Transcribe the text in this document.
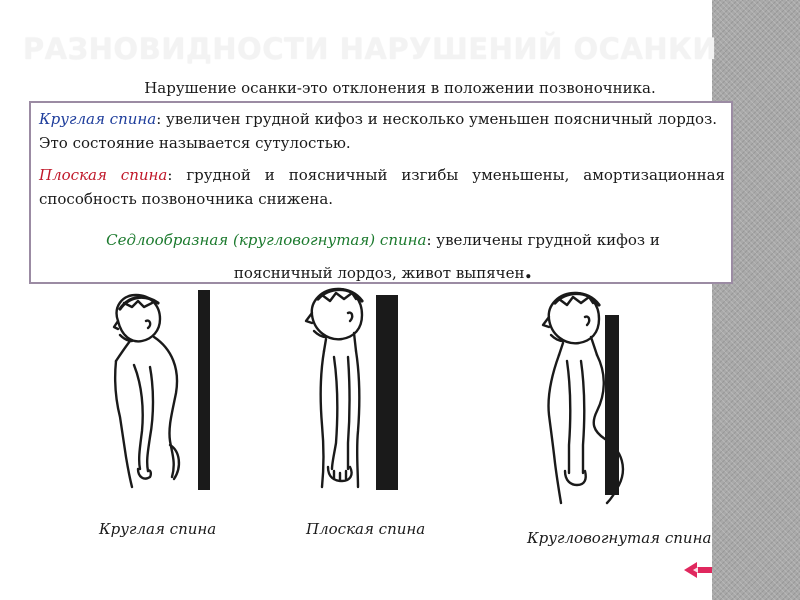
РАЗНОВИДНОСТИ НАРУШЕНИЙ ОСАНКИ
Нарушение осанки-это отклонения в положении позвоночника.

Круглая спина: увеличен грудной кифоз и несколько уменьшен поясничный лордоз. Это состояние называется сутулостью.

Плоская спина: грудной и поясничный изгибы уменьшены, амортизационная способность позвоночника снижена.

Седлообразная (кругловогнутая) спина: увеличены грудной кифоз и
поясничный лордоз, живот выпячен.

Круглая спина	Плоская спина	Кругловогнутая спина
